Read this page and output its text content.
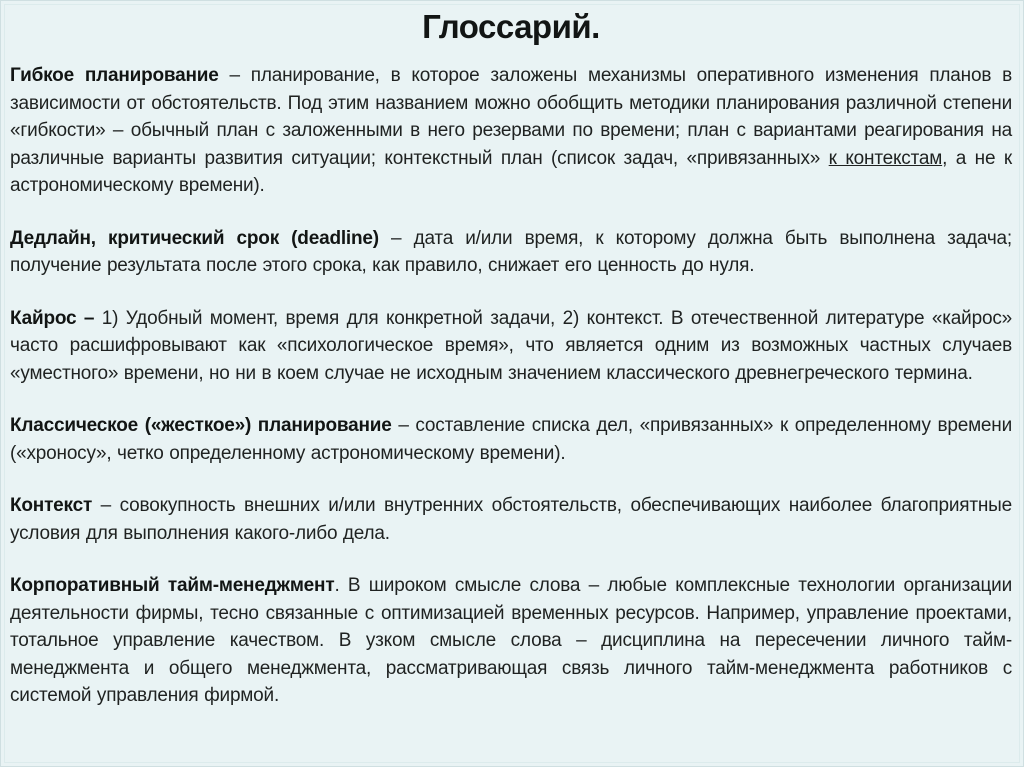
Глоссарий.

Гибкое планирование – планирование, в которое заложены механизмы оперативного изменения планов в зависимости от обстоятельств. Под этим названием можно обобщить методики планирования различной степени «гибкости» – обычный план с заложенными в него резервами по времени; план с вариантами реагирования на различные варианты развития ситуации; контекстный план (список задач, «привязанных» к контекстам, а не к астрономическому времени).

Дедлайн, критический срок (deadline) – дата и/или время, к которому должна быть выполнена задача; получение результата после этого срока, как правило, снижает его ценность до нуля.

Кайрос – 1) Удобный момент, время для конкретной задачи, 2) контекст. В отечественной литературе «кайрос» часто расшифровывают как «психологическое время», что является одним из возможных частных случаев «уместного» времени, но ни в коем случае не исходным значением классического древнегреческого термина.

Классическое («жесткое») планирование – составление списка дел, «привязанных» к определенному времени («хроносу», четко определенному астрономическому времени).

Контекст – совокупность внешних и/или внутренних обстоятельств, обеспечивающих наиболее благоприятные условия для выполнения какого-либо дела.

Корпоративный тайм-менеджмент. В широком смысле слова – любые комплексные технологии организации деятельности фирмы, тесно связанные с оптимизацией временных ресурсов. Например, управление проектами, тотальное управление качеством. В узком смысле слова – дисциплина на пересечении личного тайм-менеджмента и общего менеджмента, рассматривающая связь личного тайм-менеджмента работников с системой управления фирмой.
